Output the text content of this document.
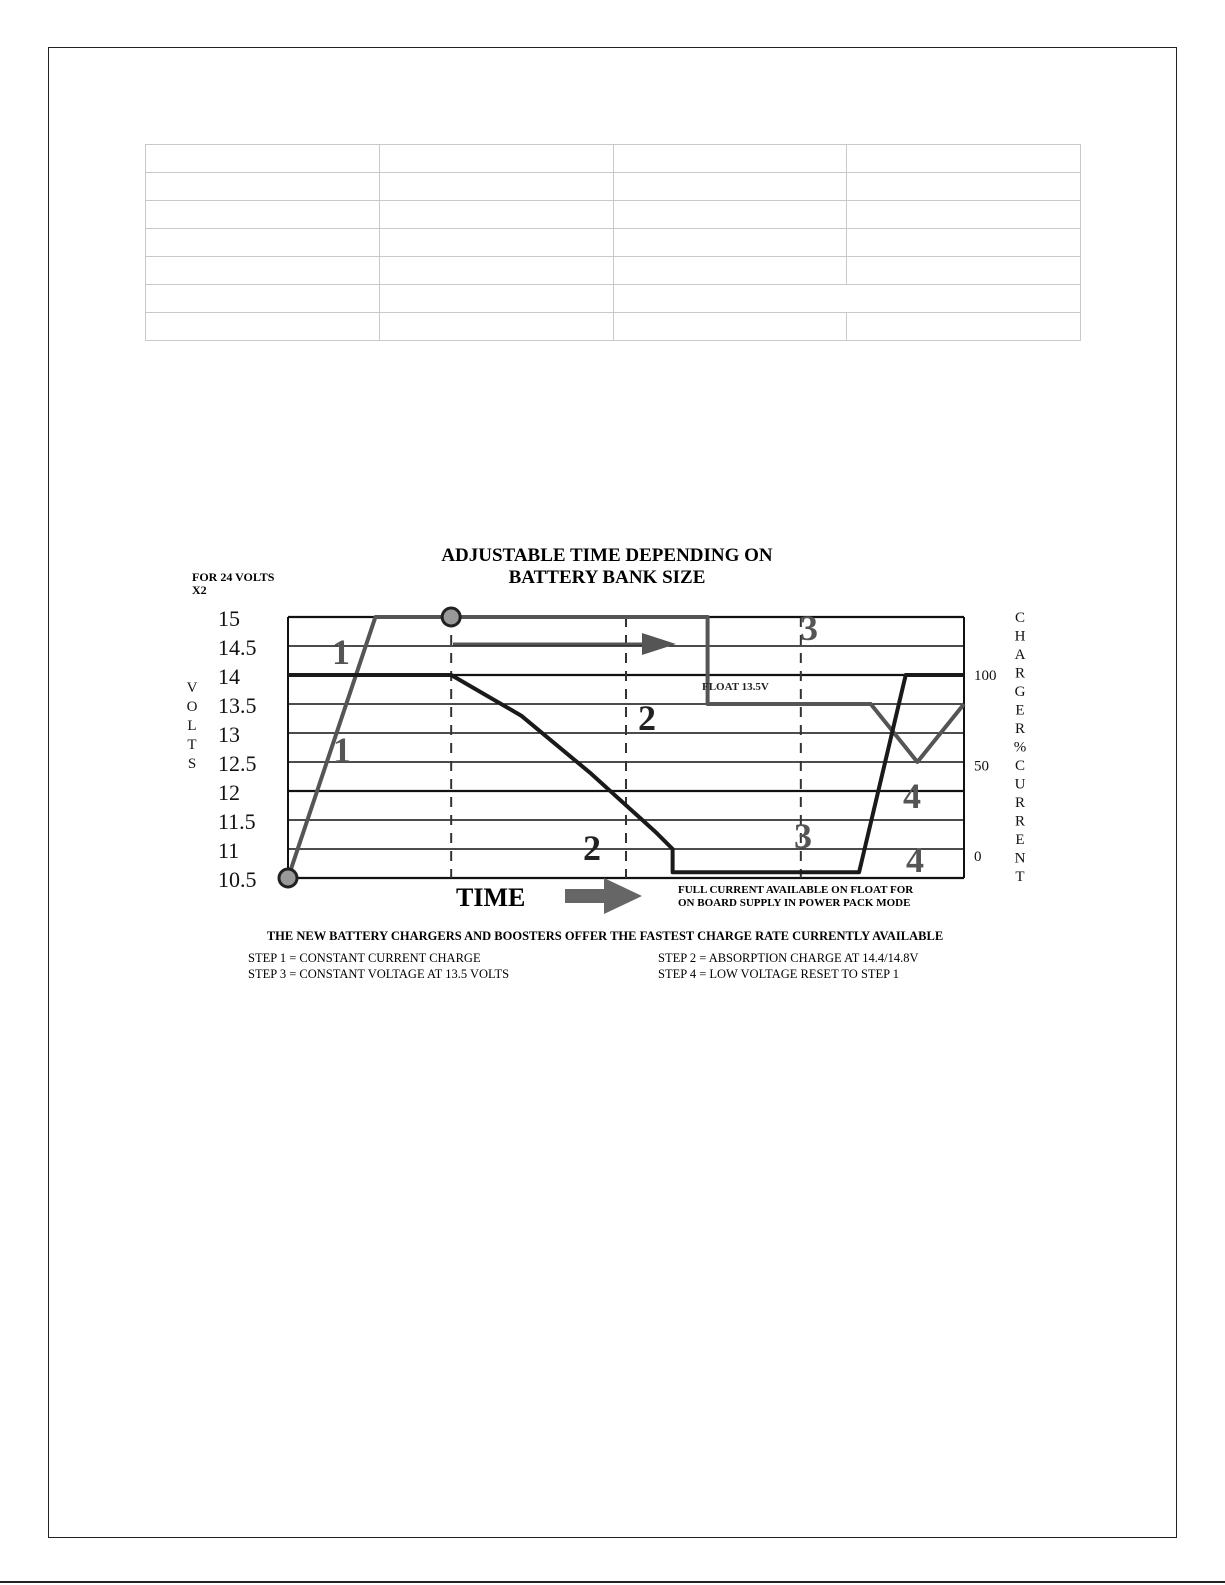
ADJUSTABLE TIME DEPENDING ON
BATTERY BANK SIZE
FOR 24 VOLTS
X2
15
14.5
14
13.5
13
12.5
12
11.5
11
10.5
100
50
0
V
O
L
T
S
C
H
A
R
G
E
R
%
C
U
R
R
E
N
T
1
1
2
2
3
3
4
4
FLOAT 13.5V
TIME	FULL CURRENT AVAILABLE ON FLOAT FOR
ON BOARD SUPPLY IN POWER PACK MODE
THE NEW BATTERY CHARGERS AND BOOSTERS OFFER THE FASTEST CHARGE RATE CURRENTLY AVAILABLE
STEP 1 = CONSTANT CURRENT CHARGE	STEP 2 = ABSORPTION CHARGE AT 14.4/14.8V
STEP 3 = CONSTANT VOLTAGE AT 13.5 VOLTS	STEP 4 = LOW VOLTAGE RESET TO STEP 1
